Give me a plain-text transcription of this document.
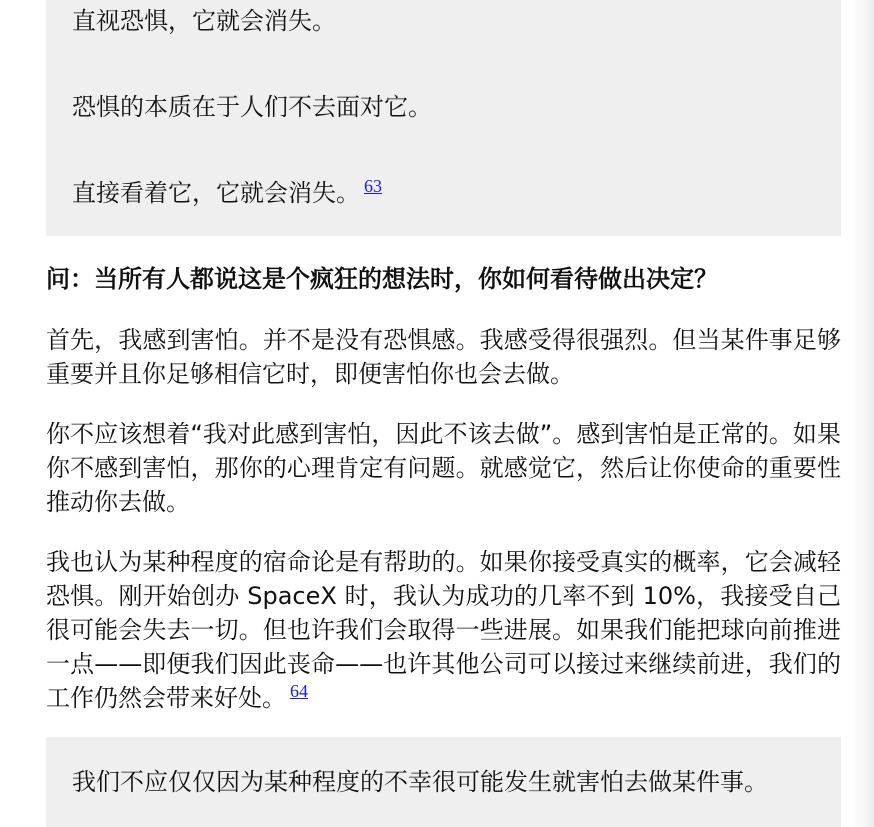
直视恐惧，它就会消失。

恐惧的本质在于人们不去面对它。

直接看着它，它就会消失。 $^{63}$

问：当所有人都说这是个疯狂的想法时，你如何看待做出决定？

首先，我感到害怕。并不是没有恐惧感。我感受得很强烈。但当某件事足够重要并且你足够相信它时，即便害怕你也会去做。

你不应该想着“我对此感到害怕，因此不该去做”。感到害怕是正常的。如果你不感到害怕，那你的心理肯定有问题。就感觉它，然后让你使命的重要性推动你去做。

我也认为某种程度的宿命论是有帮助的。如果你接受真实的概率，它会减轻恐惧。刚开始创办 SpaceX 时，我认为成功的几率不到 10%，我接受自己很可能会失去一切。但也许我们会取得一些进展。如果我们能把球向前推进一点——即便我们因此丧命——也许其他公司可以接过来继续前进，我们的工作仍然会带来好处。 $^{64}$

我们不应仅仅因为某种程度的不幸很可能发生就害怕去做某件事。
